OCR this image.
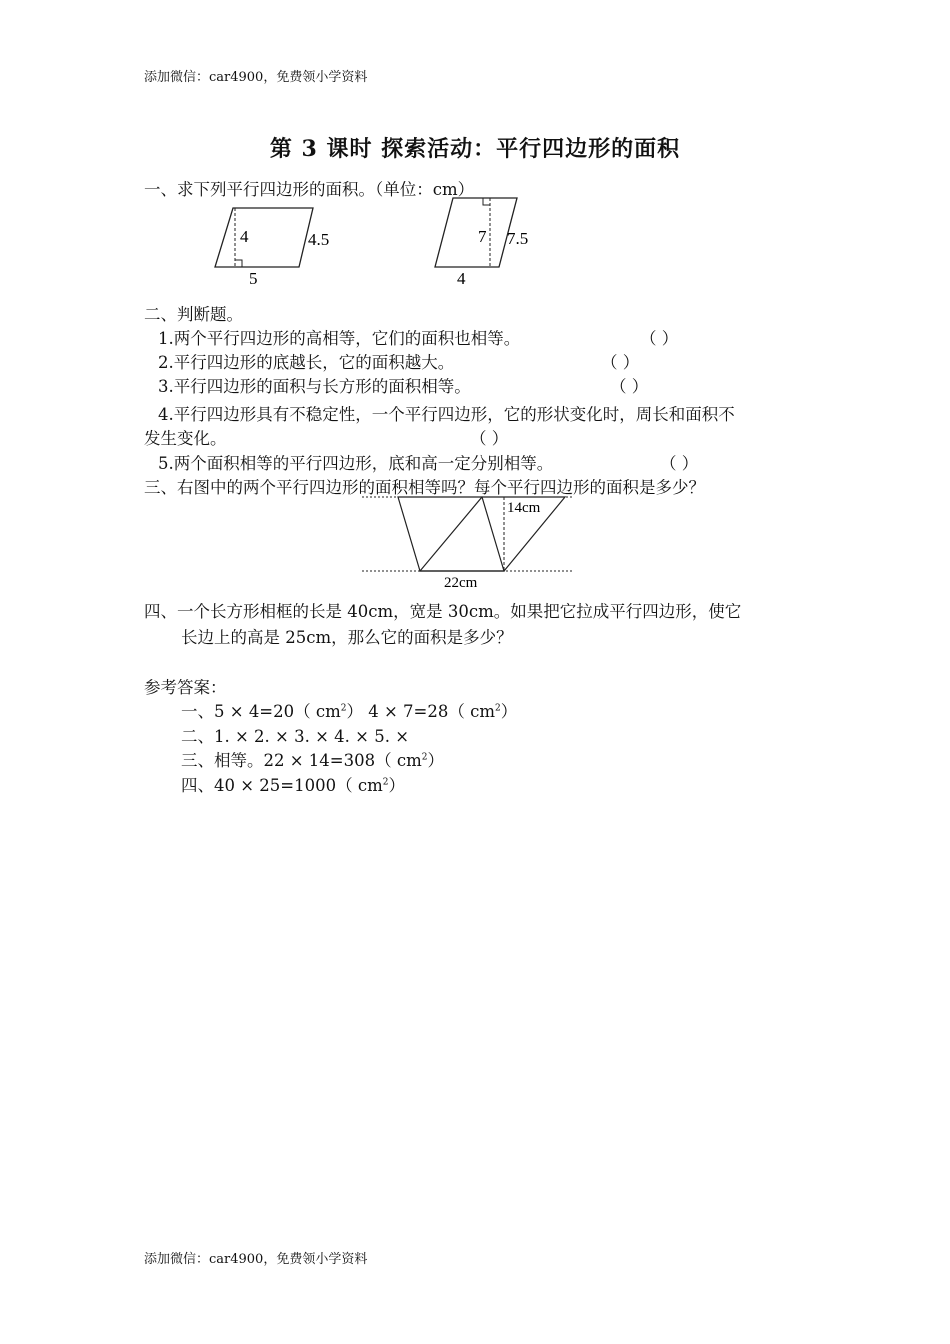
添加微信：car4900，免费领小学资料
第 3 课时 探索活动：平行四边形的面积
一、求下列平行四边形的面积。（单位：cm）
4	4.5
5
7 7.5
4
二、判断题。
1.两个平行四边形的高相等，它们的面积也相等。	（ ）
2.平行四边形的底越长，它的面积越大。	（ ）
3.平行四边形的面积与长方形的面积相等。	（ ）
4.平行四边形具有不稳定性，一个平行四边形，它的形状变化时，周长和面积不
发生变化。	（ ）
5.两个面积相等的平行四边形，底和高一定分别相等。	（ ）
三、右图中的两个平行四边形的面积相等吗？每个平行四边形的面积是多少？
14cm
22cm
四、一个长方形相框的长是 40cm，宽是 30cm。如果把它拉成平行四边形，使它
长边上的高是 25cm，那么它的面积是多少？
参考答案：
一、5 × 4=20（ $cm^2$） 4 × 7=28（ $cm^2$）
二、1. × 2. × 3. × 4. × 5. ×
三、相等。22 × 14=308（ $cm^2$）
四、40 × 25=1000（ $cm^2$）
添加微信：car4900，免费领小学资料
